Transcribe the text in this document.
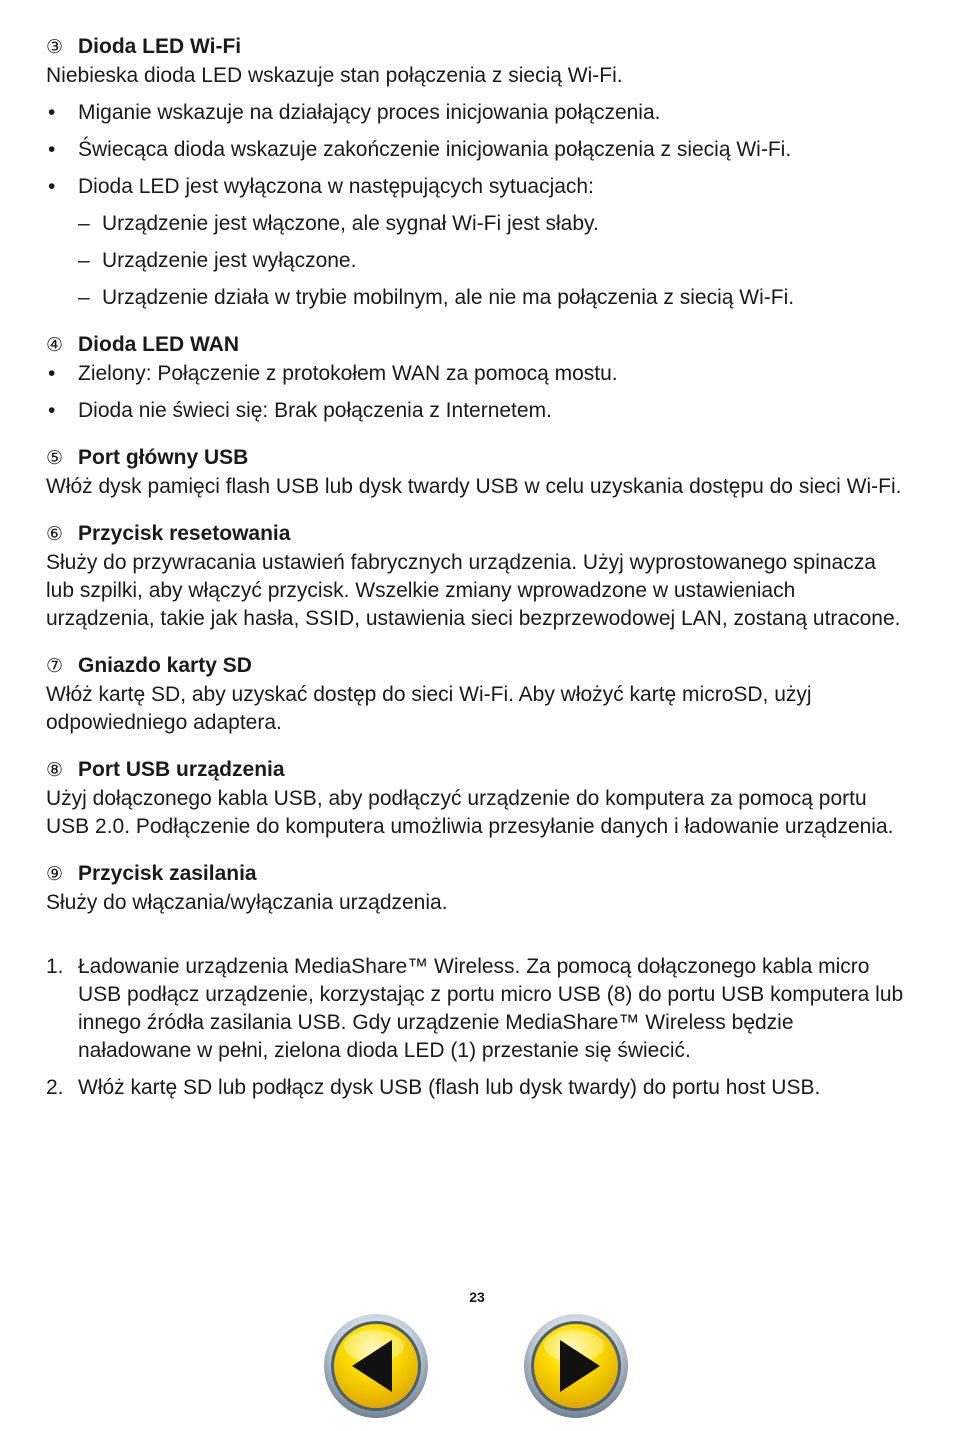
③ Dioda LED Wi-Fi

Niebieska dioda LED wskazuje stan połączenia z siecią Wi-Fi.

• Miganie wskazuje na działający proces inicjowania połączenia.
• Świecąca dioda wskazuje zakończenie inicjowania połączenia z siecią Wi-Fi.
• Dioda LED jest wyłączona w następujących sytuacjach:
– Urządzenie jest włączone, ale sygnał Wi-Fi jest słaby.
– Urządzenie jest wyłączone.
– Urządzenie działa w trybie mobilnym, ale nie ma połączenia z siecią Wi-Fi.
④ Dioda LED WAN
• Zielony: Połączenie z protokołem WAN za pomocą mostu.
• Dioda nie świeci się: Brak połączenia z Internetem.
⑤ Port główny USB

Włóż dysk pamięci flash USB lub dysk twardy USB w celu uzyskania dostępu do sieci Wi-Fi.

⑥ Przycisk resetowania

Służy do przywracania ustawień fabrycznych urządzenia. Użyj wyprostowanego spinacza lub szpilki, aby włączyć przycisk. Wszelkie zmiany wprowadzone w ustawieniach urządzenia, takie jak hasła, SSID, ustawienia sieci bezprzewodowej LAN, zostaną utracone.

⑦ Gniazdo karty SD

Włóż kartę SD, aby uzyskać dostęp do sieci Wi-Fi. Aby włożyć kartę microSD, użyj odpowiedniego adaptera.

⑧ Port USB urządzenia

Użyj dołączonego kabla USB, aby podłączyć urządzenie do komputera za pomocą portu USB 2.0. Podłączenie do komputera umożliwia przesyłanie danych i ładowanie urządzenia.

⑨ Przycisk zasilania

Służy do włączania/wyłączania urządzenia.

1. Ładowanie urządzenia MediaShare™ Wireless. Za pomocą dołączonego kabla micro USB podłącz urządzenie, korzystając z portu micro USB (8) do portu USB komputera lub innego źródła zasilania USB. Gdy urządzenie MediaShare™ Wireless będzie naładowane w pełni, zielona dioda LED (1) przestanie się świecić.
2. Włóż kartę SD lub podłącz dysk USB (flash lub dysk twardy) do portu host USB.
23
